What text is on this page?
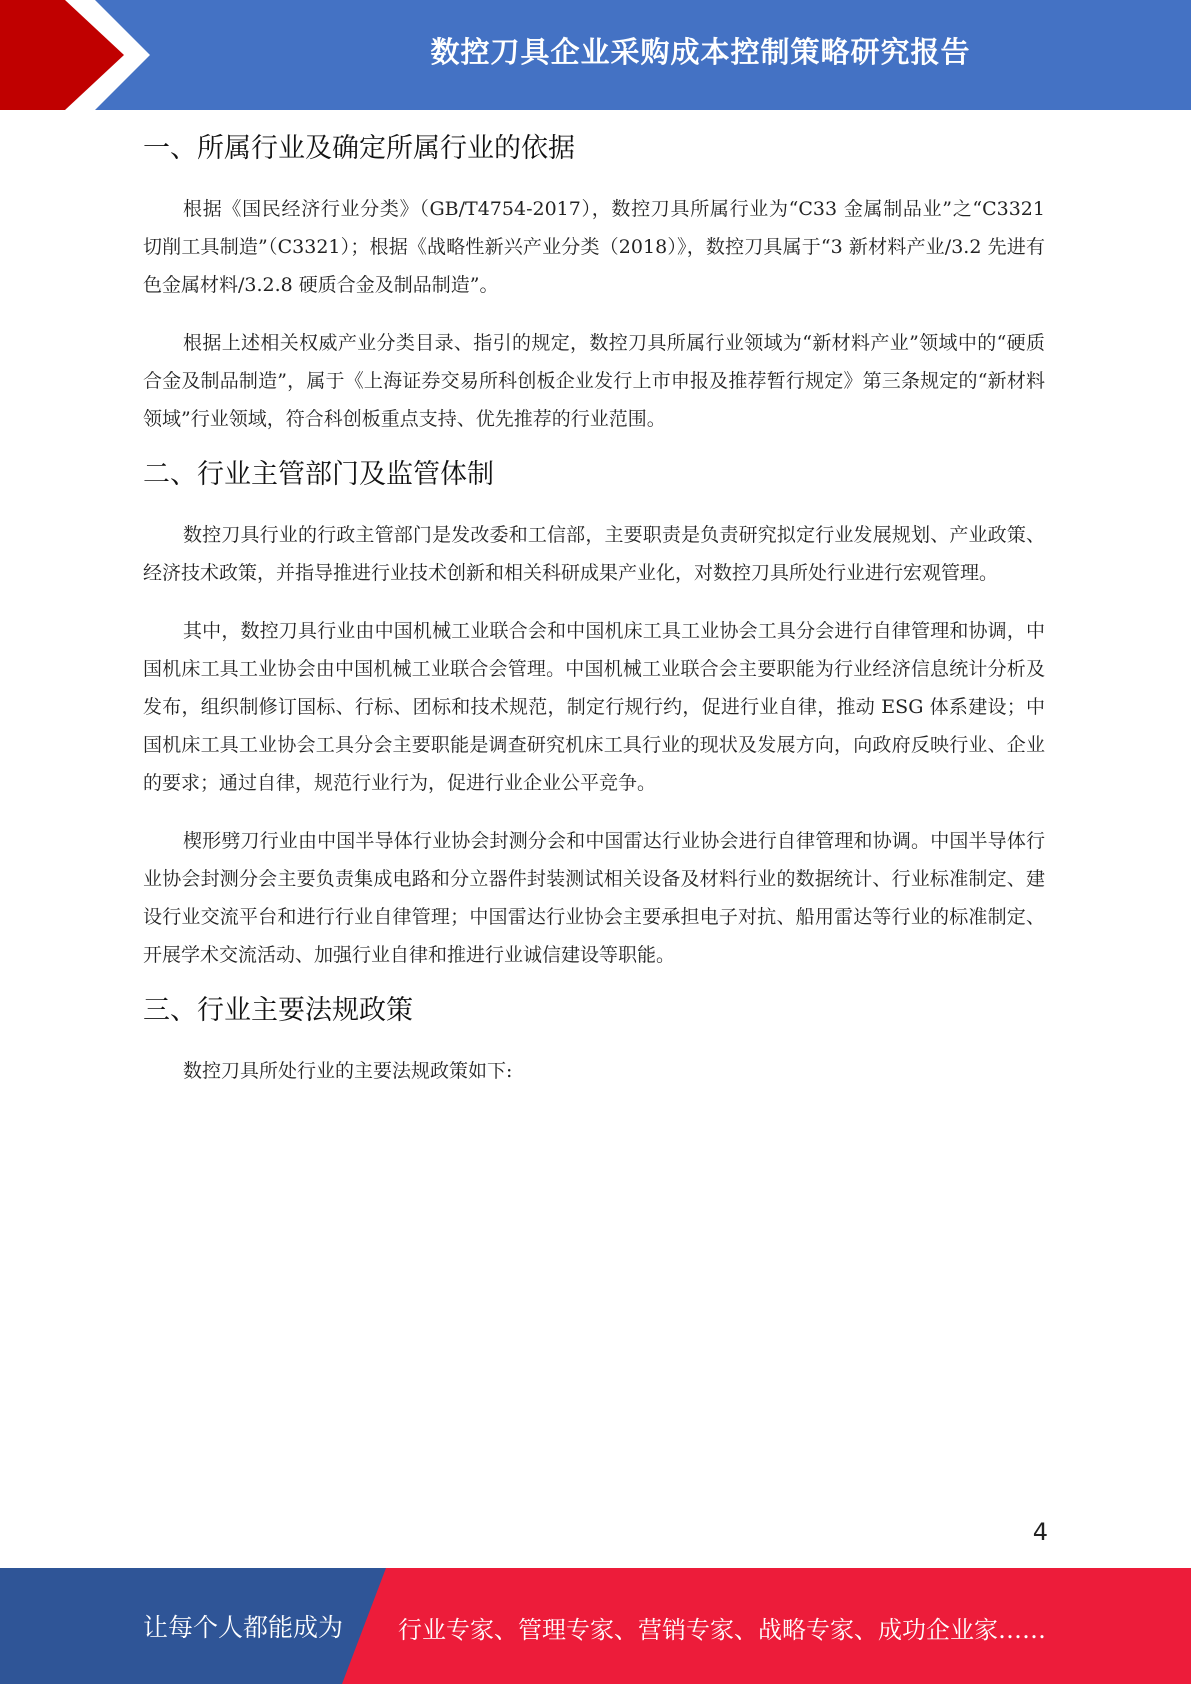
数控刀具企业采购成本控制策略研究报告
一、所属行业及确定所属行业的依据

根据《国民经济行业分类》（GB/T4754-2017），数控刀具所属行业为“C33 金属制品业”之“C3321 切削工具制造”（C3321）；根据《战略性新兴产业分类（2018）》，数控刀具属于“3 新材料产业/3.2 先进有色金属材料/3.2.8 硬质合金及制品制造”。

根据上述相关权威产业分类目录、指引的规定，数控刀具所属行业领域为“新材料产业”领域中的“硬质合金及制品制造”，属于《上海证券交易所科创板企业发行上市申报及推荐暂行规定》第三条规定的“新材料领域”行业领域，符合科创板重点支持、优先推荐的行业范围。

二、行业主管部门及监管体制

数控刀具行业的行政主管部门是发改委和工信部，主要职责是负责研究拟定行业发展规划、产业政策、经济技术政策，并指导推进行业技术创新和相关科研成果产业化，对数控刀具所处行业进行宏观管理。

其中，数控刀具行业由中国机械工业联合会和中国机床工具工业协会工具分会进行自律管理和协调，中国机床工具工业协会由中国机械工业联合会管理。中国机械工业联合会主要职能为行业经济信息统计分析及发布，组织制修订国标、行标、团标和技术规范，制定行规行约，促进行业自律，推动 ESG 体系建设；中国机床工具工业协会工具分会主要职能是调查研究机床工具行业的现状及发展方向，向政府反映行业、企业的要求；通过自律，规范行业行为，促进行业企业公平竞争。

楔形劈刀行业由中国半导体行业协会封测分会和中国雷达行业协会进行自律管理和协调。中国半导体行业协会封测分会主要负责集成电路和分立器件封装测试相关设备及材料行业的数据统计、行业标准制定、建设行业交流平台和进行行业自律管理；中国雷达行业协会主要承担电子对抗、船用雷达等行业的标准制定、开展学术交流活动、加强行业自律和推进行业诚信建设等职能。

三、行业主要法规政策

数控刀具所处行业的主要法规政策如下:

4
让每个人都能成为 行业专家、管理专家、营销专家、战略专家、成功企业家……
